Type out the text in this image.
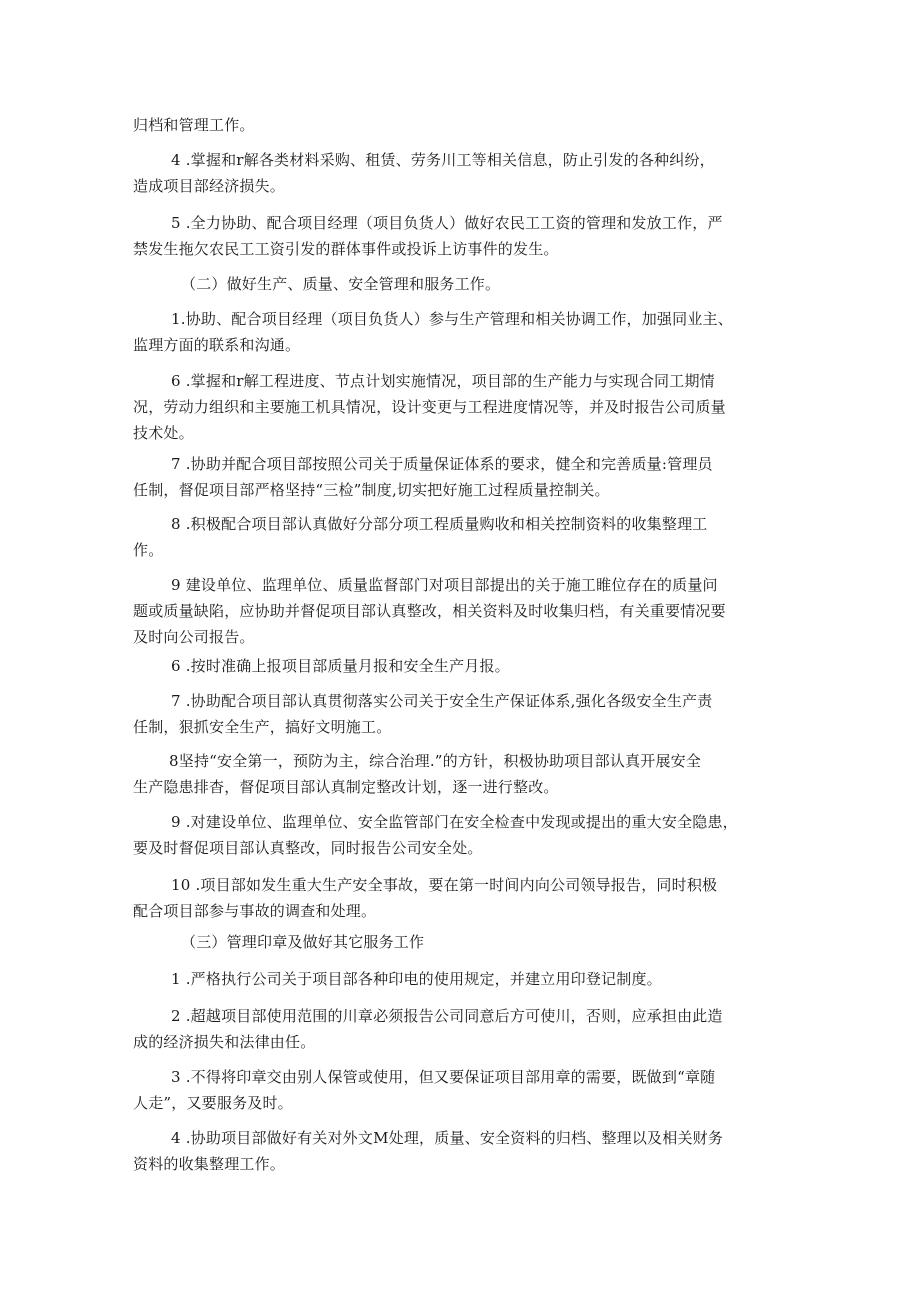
归档和管理工作。

4 .掌握和r解各类材料采购、租赁、劳务川工等相关信息，防止引发的各种纠纷，
造成项目部经济损失。

5 .全力协助、配合项目经理（项目负货人）做好农民工工资的管理和发放工作，严
禁发生拖欠农民工工资引发的群体事件或投诉上访事件的发生。

（二）做好生产、质量、安全管理和服务工作。

1.协助、配合项目经理（项目负货人）参与生产管理和相关协调工作，加强同业主、
监理方面的联系和沟通。

6 .掌握和r解工程进度、节点计划实施情况，项目部的生产能力与实现合同工期情
况，劳动力组织和主要施工机具情况，设计变更与工程进度情况等，并及时报告公司质量
技术处。

7 .协助并配合项目部按照公司关于质量保证体系的要求，健全和完善质量:管理员
任制，督促项目部严格坚持“三检”制度,切实把好施工过程质量控制关。

8 .积极配合项目部认真做好分部分项工程质量购收和相关控制资料的收集整理工
作。

9 建设单位、监理单位、质量监督部门对项目部提出的关于施工睢位存在的质量问
题或质量缺陷，应协助并督促项目部认真整改，相关资料及时收集归档，有关重要情况要
及时向公司报告。

6 .按时准确上报项目部质量月报和安全生产月报。

7 .协助配合项目部认真贯彻落实公司关于安全生产保证体系,强化各级安全生产责
任制，狠抓安全生产，搞好文明施工。

8坚持“安全第一，预防为主，综合治理.”的方针，积极协助项目部认真开展安全
生产隐患排杳，督促项目部认真制定整改计划，逐一进行整改。

9 .对建设单位、监理单位、安全监管部门在安全检查中发现或提出的重大安全隐患，
要及时督促项目部认真整改，同时报告公司安全处。

10 .项目部如发生重大生产安全事故，要在第一时间内向公司领导报告，同时积极
配合项目部参与事故的调查和处理。

（三）管理印章及做好其它服务工作

1 .严格执行公司关于项目部各种印电的使用规定，并建立用印登记制度。

2 .超越项目部使用范围的川章必须报告公司同意后方可使川，否则，应承担由此造
成的经济损失和法律由任。

3 .不得将印章交由别人保管或使用，但又要保证项目部用章的需要，既做到“章随
人走”，又要服务及时。

4 .协助项目部做好有关对外文M处理，质量、安全资料的归档、整理以及相关财务
资料的收集整理工作。
